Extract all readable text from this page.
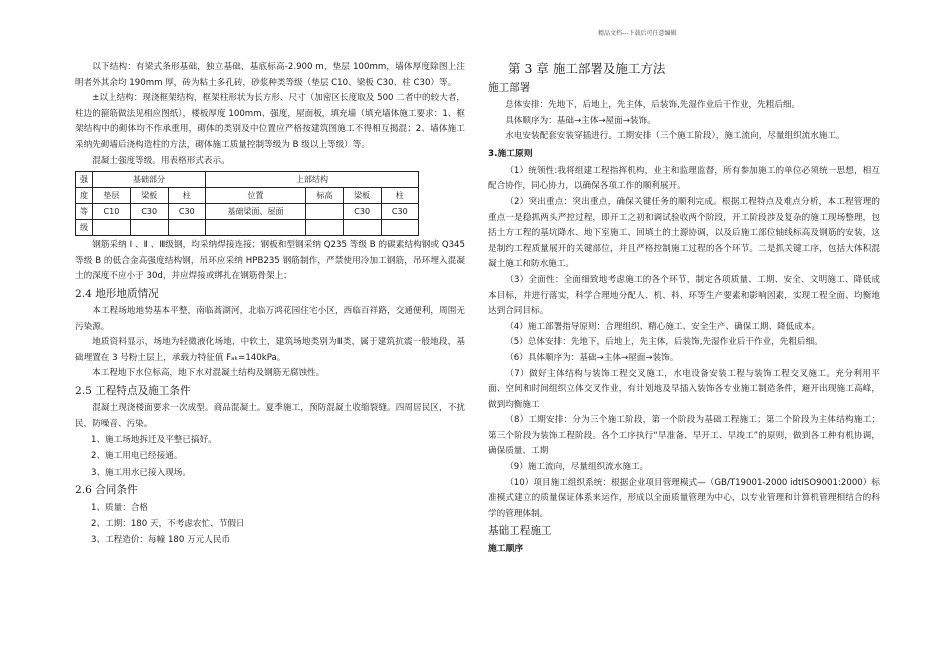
精品文档---下载后可任意编辑

以下结构：有梁式条形基础，独立基础，基底标高-2.900 m，垫层 100mm，墙体厚度除图上注明者外其余均 190mm 厚，砖为粘土多孔砖，砂浆种类等级（垫层 C10、梁板 C30、柱 C30）等。

±以上结构：现浇框架结构，框架柱形状为长方形、尺寸（加密区长度取及 500 二者中的较大者，柱边的箍筋做法见相应图纸），楼板厚度 100mm、强度，屋面板，填充墙（填充墙体施工要求：1、框架结构中的砌体均不作承重用，砌体的类别及中位置应严格按建筑图施工不得相互揭混；2、墙体施工采纳先砌墙后浇构造柱的方法，砌体施工质量控制等级为 B 级以上等级）等。

混凝土强度等级。用表格形式表示。

强	基础部分			上部结构			
度	垫层	梁板	柱	位置	标高	梁板	柱
等	C10	C30	C30	基础梁面、屋面		C30	C30
级							

钢筋采纳 Ⅰ 、Ⅱ 、Ⅲ级钢，均采纳焊接连接；钢板和型钢采纳 Q235 等级 B 的碳素结构钢或 Q345 等级 B 的低合金高强度结构钢，吊环应采纳 HPB235 钢筋制作，严禁使用冷加工钢筋，吊环埋入混凝土的深度不应小于 30d，并应焊接或绑扎在钢筋骨架上；

2.4 地形地质情况

本工程场地地势基本平整，南临蒿湖河，北临万鸿花园住宅小区，西临百祥路，交通便利，周围无污染源。

地质资料显示，场地为轻微液化场地，中软土，建筑场地类别为Ⅲ类，属于建筑抗震一般地段，基础埋置在 3 号粉土层上，承载力特征值 Fₐₖ=140kPa。

本工程地下水位标高，地下水对混凝土结构及钢筋无腐蚀性。

2.5 工程特点及施工条件

混凝土现浇楼面要求一次成型。商品混凝土。夏季施工，预防混凝土收缩裂缝。四周居民区，不扰民，防噪音、污染。

1、施工场地拆迁及平整已搞好。

2、施工用电已经接通。

3、施工用水已接入现场。

2.6 合同条件

1、质量：合格

2、工期：180 天，不考虑农忙、节假日

3、工程造价：每幢 180 万元人民币

第 3 章 施工部署及施工方法
施工部署

总体安排：先地下，后地上，先主体，后装饰,先湿作业后干作业，先粗后细。

具体顺序为：基础→主体→屋面→装饰。

水电安装配套安装穿插进行。工期安排（三个施工阶段），施工流向，尽量组织流水施工。

3.施工原则

（1）统领性:我将组建工程指挥机构，业主和监理监督，所有参加施工的单位必须统一思想，相互配合协作，同心协力，以确保各项工作的顺利展开。

（2）突出重点：突出重点，确保关键任务的顺利完成。根据工程特点及难点分析，本工程管理的重点一是稳抓两头严控过程，即开工之初和调试验收两个阶段，开工阶段涉及复杂的施工现场整理，包括土方工程的基坑降水、地下室施工、回填土的土源协调，以及后施工部位轴线标高及钢筋的安装，这是制约工程质量展开的关键部位，并且严格控制施工过程的各个环节。二是抓关键工序，包括大体积混凝土施工和防水施工。

（3）全面性：全面细致地考虑施工的各个环节，制定各项质量、工期、安全、文明施工、降低成本目标，并进行落实，科学合理地分配人、机、料、环等生产要素和影响因素，实现工程全面、均衡地达到合同目标。

（4）施工部署指导原则：合理组织、精心施工、安全生产、确保工期、降低成本。

（5）总体安排：先地下，后地上，先主体，后装饰,先湿作业后干作业，先粗后细。

（6）具体顺序为：基础→主体→屋面→装饰。

（7）做好主体结构与装饰工程交叉施工，水电设备安装工程与装饰工程交叉施工。充分利用平面、空间和时间组织立体交叉作业，有计划地及早插入装饰各专业施工制造条件，避开出现施工高峰，做到均衡施工

（8）工期安排：分为三个施工阶段，第一个阶段为基础工程施工；第二个阶段为主体结构施工；第三个阶段为装饰工程阶段。各个工序执行“早准备、早开工、早竣工”的原则，做到各工种有机协调，确保质量、工期

（9）施工流向，尽量组织流水施工。

（10）项目施工组织系统：根据企业项目管理模式—（GB/T19001-2000 idtISO9001:2000）标准模式建立的质量保证体系来运作，形成以全面质量管理为中心，以专业管理和计算机管理相结合的科学的管理体制。

基础工程施工
施工顺序
